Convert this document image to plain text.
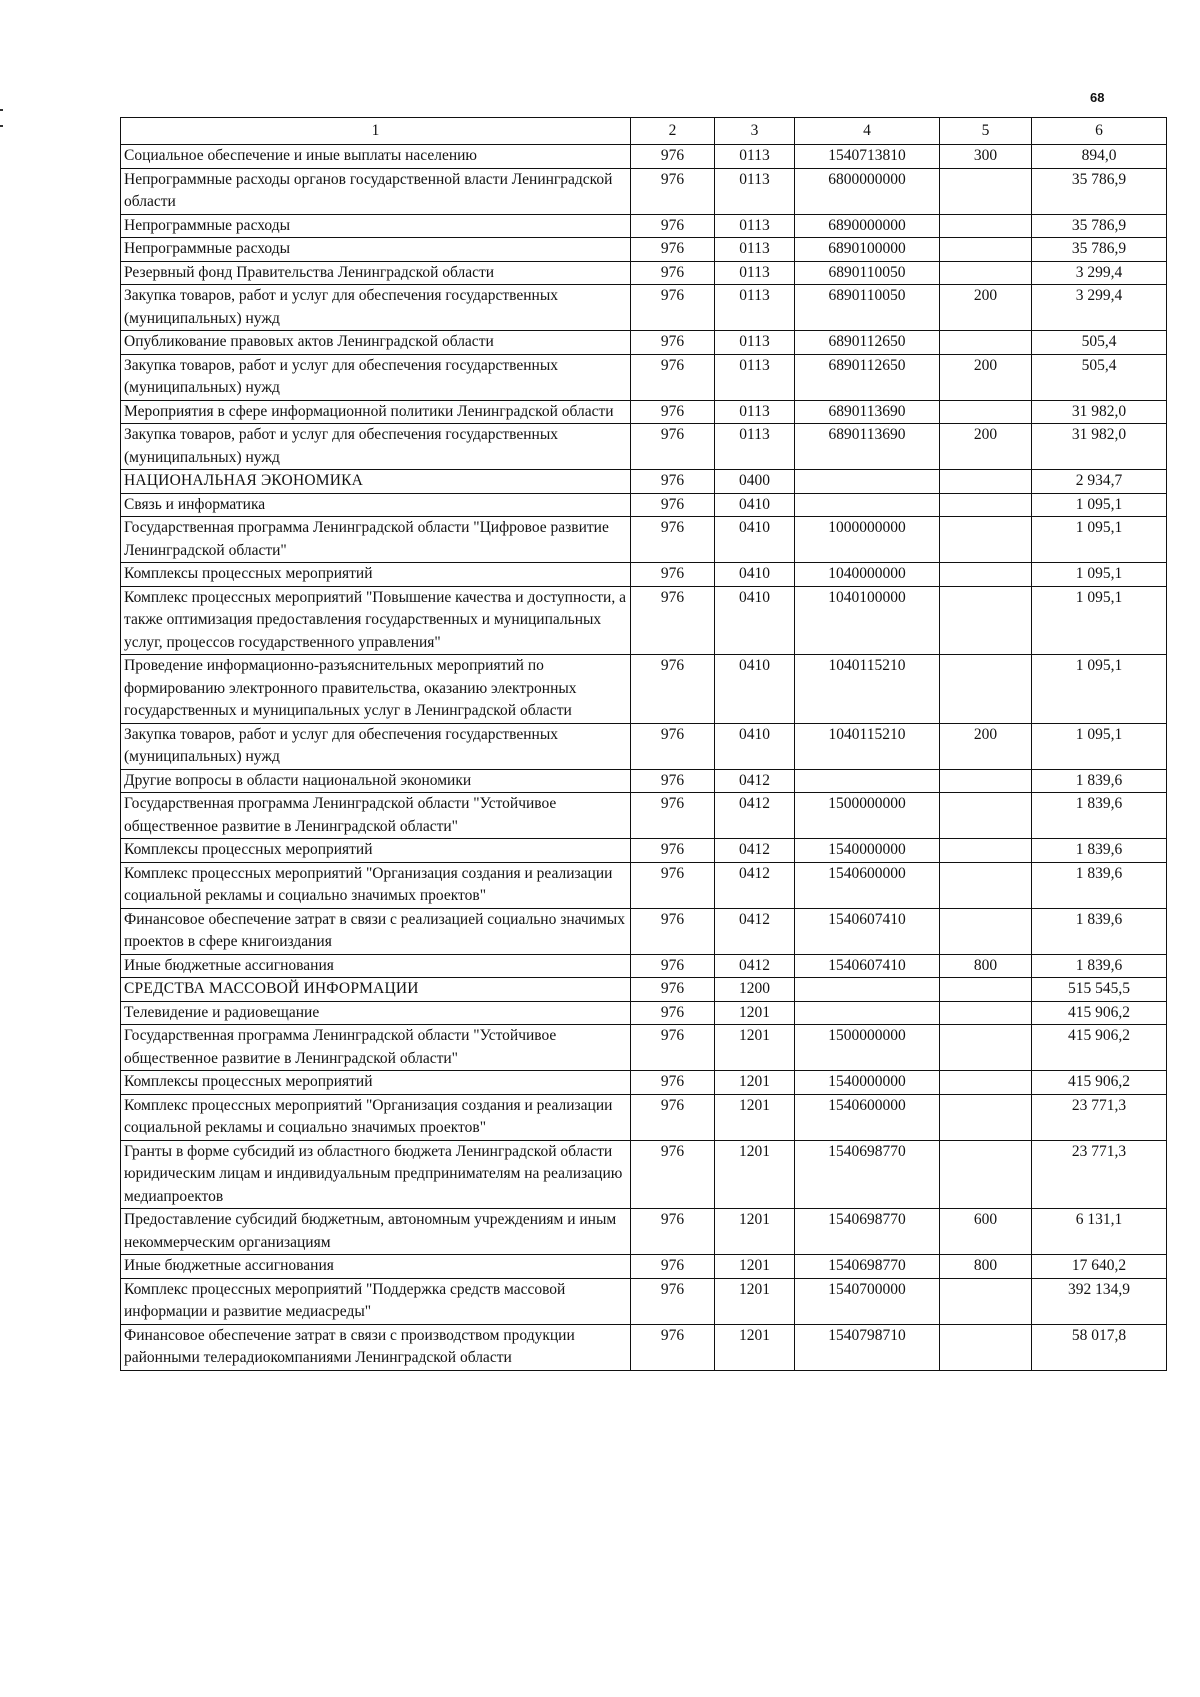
68
1	2	3	4	5	6
Социальное обеспечение и иные выплаты населению	976	0113	1540713810	300	894,0
Непрограммные расходы органов государственной власти Ленинградской области	976	0113	6800000000		35 786,9
Непрограммные расходы	976	0113	6890000000		35 786,9
Непрограммные расходы	976	0113	6890100000		35 786,9
Резервный фонд Правительства Ленинградской области	976	0113	6890110050		3 299,4
Закупка товаров, работ и услуг для обеспечения государственных (муниципальных) нужд	976	0113	6890110050	200	3 299,4
Опубликование правовых актов Ленинградской области	976	0113	6890112650		505,4
Закупка товаров, работ и услуг для обеспечения государственных (муниципальных) нужд	976	0113	6890112650	200	505,4
Мероприятия в сфере информационной политики Ленинградской области	976	0113	6890113690		31 982,0
Закупка товаров, работ и услуг для обеспечения государственных (муниципальных) нужд	976	0113	6890113690	200	31 982,0
НАЦИОНАЛЬНАЯ ЭКОНОМИКА	976	0400			2 934,7
Связь и информатика	976	0410			1 095,1
Государственная программа Ленинградской области "Цифровое развитие Ленинградской области"	976	0410	1000000000		1 095,1
Комплексы процессных мероприятий	976	0410	1040000000		1 095,1
Комплекс процессных мероприятий "Повышение качества и доступности, а также оптимизация предоставления государственных и муниципальных услуг, процессов государственного управления"	976	0410	1040100000		1 095,1
Проведение информационно-разъяснительных мероприятий по формированию электронного правительства, оказанию электронных государственных и муниципальных услуг в Ленинградской области	976	0410	1040115210		1 095,1
Закупка товаров, работ и услуг для обеспечения государственных (муниципальных) нужд	976	0410	1040115210	200	1 095,1
Другие вопросы в области национальной экономики	976	0412			1 839,6
Государственная программа Ленинградской области "Устойчивое общественное развитие в Ленинградской области"	976	0412	1500000000		1 839,6
Комплексы процессных мероприятий	976	0412	1540000000		1 839,6
Комплекс процессных мероприятий "Организация создания и реализации социальной рекламы и социально значимых проектов"	976	0412	1540600000		1 839,6
Финансовое обеспечение затрат в связи с реализацией социально значимых проектов в сфере книгоиздания	976	0412	1540607410		1 839,6
Иные бюджетные ассигнования	976	0412	1540607410	800	1 839,6
СРЕДСТВА МАССОВОЙ ИНФОРМАЦИИ	976	1200			515 545,5
Телевидение и радиовещание	976	1201			415 906,2
Государственная программа Ленинградской области "Устойчивое общественное развитие в Ленинградской области"	976	1201	1500000000		415 906,2
Комплексы процессных мероприятий	976	1201	1540000000		415 906,2
Комплекс процессных мероприятий "Организация создания и реализации социальной рекламы и социально значимых проектов"	976	1201	1540600000		23 771,3
Гранты в форме субсидий из областного бюджета Ленинградской области юридическим лицам и индивидуальным предпринимателям на реализацию медиапроектов	976	1201	1540698770		23 771,3
Предоставление субсидий бюджетным, автономным учреждениям и иным некоммерческим организациям	976	1201	1540698770	600	6 131,1
Иные бюджетные ассигнования	976	1201	1540698770	800	17 640,2
Комплекс процессных мероприятий "Поддержка средств массовой информации и развитие медиасреды"	976	1201	1540700000		392 134,9
Финансовое обеспечение затрат в связи с производством продукции районными телерадиокомпаниями Ленинградской области	976	1201	1540798710		58 017,8
